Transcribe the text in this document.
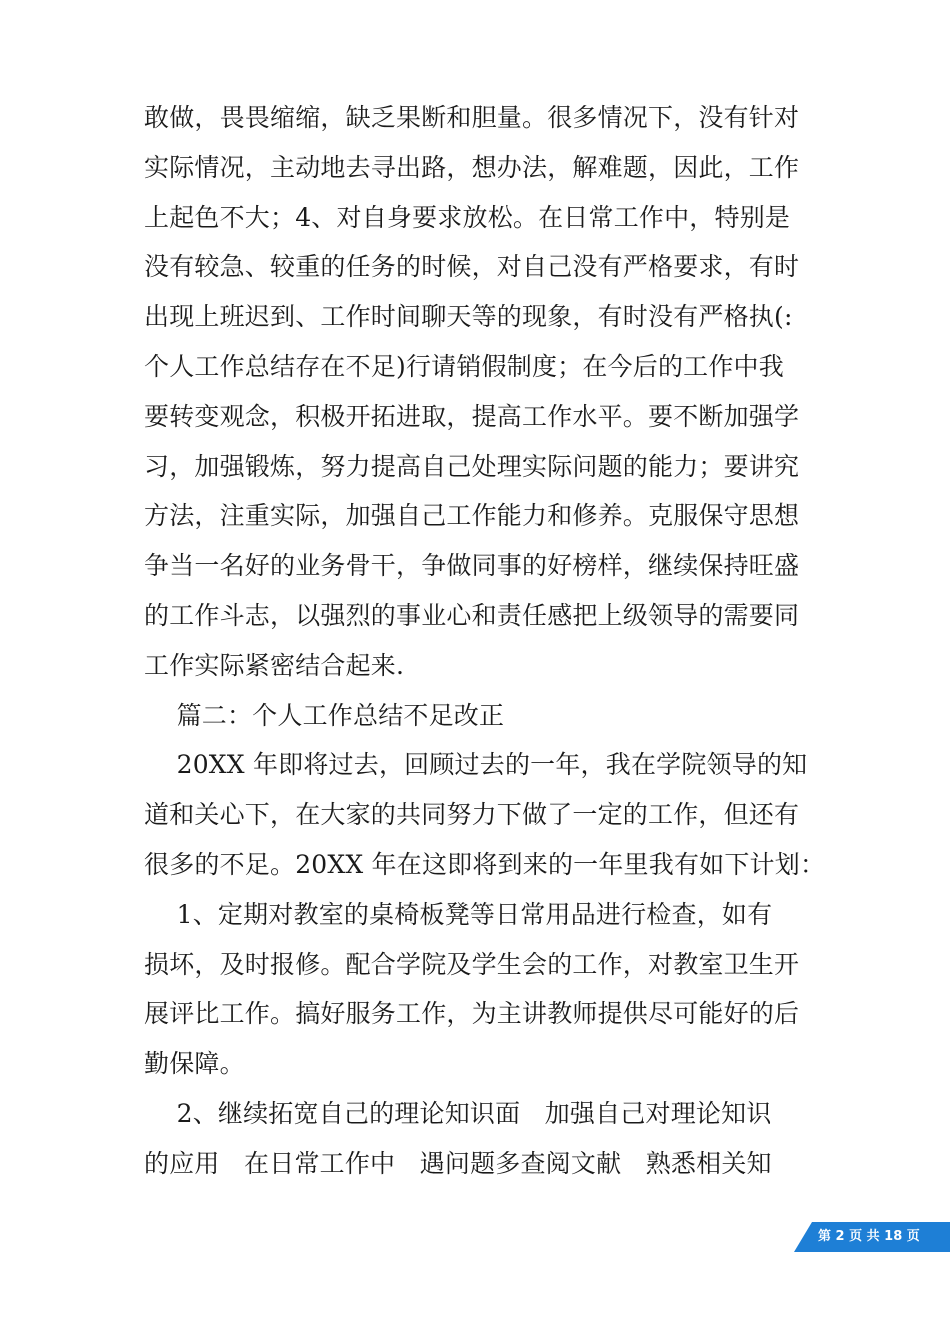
敢做，畏畏缩缩，缺乏果断和胆量。很多情况下，没有针对
实际情况，主动地去寻出路，想办法，解难题，因此，工作
上起色不大；4、对自身要求放松。在日常工作中，特别是
没有较急、较重的任务的时候，对自己没有严格要求，有时
出现上班迟到、工作时间聊天等的现象，有时没有严格执(:
个人工作总结存在不足)行请销假制度；在今后的工作中我
要转变观念，积极开拓进取，提高工作水平。要不断加强学
习，加强锻炼，努力提高自己处理实际问题的能力；要讲究
方法，注重实际，加强自己工作能力和修养。克服保守思想
争当一名好的业务骨干，争做同事的好榜样，继续保持旺盛
的工作斗志，以强烈的事业心和责任感把上级领导的需要同
工作实际紧密结合起来.
篇二：个人工作总结不足改正
20XX 年即将过去，回顾过去的一年，我在学院领导的知
道和关心下，在大家的共同努力下做了一定的工作，但还有
很多的不足。20XX 年在这即将到来的一年里我有如下计划：
1、定期对教室的桌椅板凳等日常用品进行检查，如有
损坏，及时报修。配合学院及学生会的工作，对教室卫生开
展评比工作。搞好服务工作，为主讲教师提供尽可能好的后
勤保障。
2、继续拓宽自己的理论知识面   加强自己对理论知识
的应用   在日常工作中   遇问题多查阅文献   熟悉相关知
第 2 页 共 18 页
